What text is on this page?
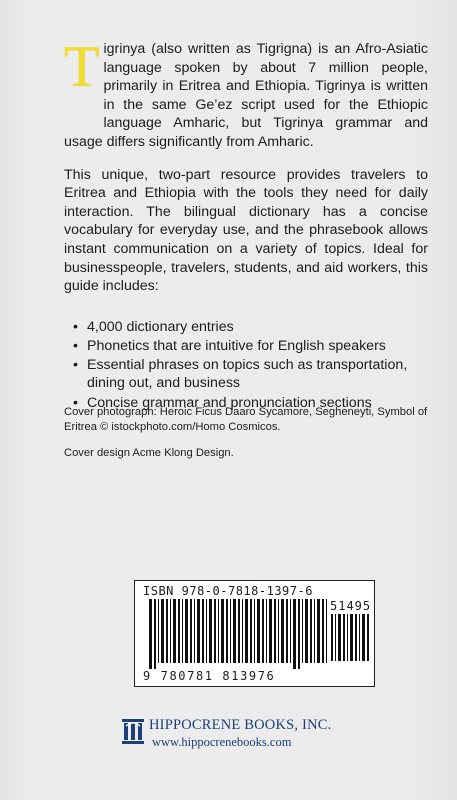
Tigrinya (also written as Tigrigna) is an Afro-Asiatic language spoken by about 7 million people, primarily in Eritrea and Ethiopia. Tigrinya is written in the same Ge’ez script used for the Ethiopic language Amharic, but Tigrinya grammar and usage differs significantly from Amharic.

This unique, two-part resource provides travelers to Eritrea and Ethiopia with the tools they need for daily interaction. The bilingual dictionary has a concise vocabulary for everyday use, and the phrasebook allows instant communication on a variety of topics. Ideal for businesspeople, travelers, students, and aid workers, this guide includes:

• 4,000 dictionary entries
• Phonetics that are intuitive for English speakers
• Essential phrases on topics such as transportation, dining out, and business
• Concise grammar and pronunciation sections
Cover photograph: Heroic Ficus Daaro Sycamore, Segheneyti, Symbol of Eritrea © istockphoto.com/Homo Cosmicos.
Cover design Acme Klong Design.
ISBN 978-0-7818-1397-6
51495
9 780781 813976
HIPPOCRENE BOOKS, INC.
www.hippocrenebooks.com
